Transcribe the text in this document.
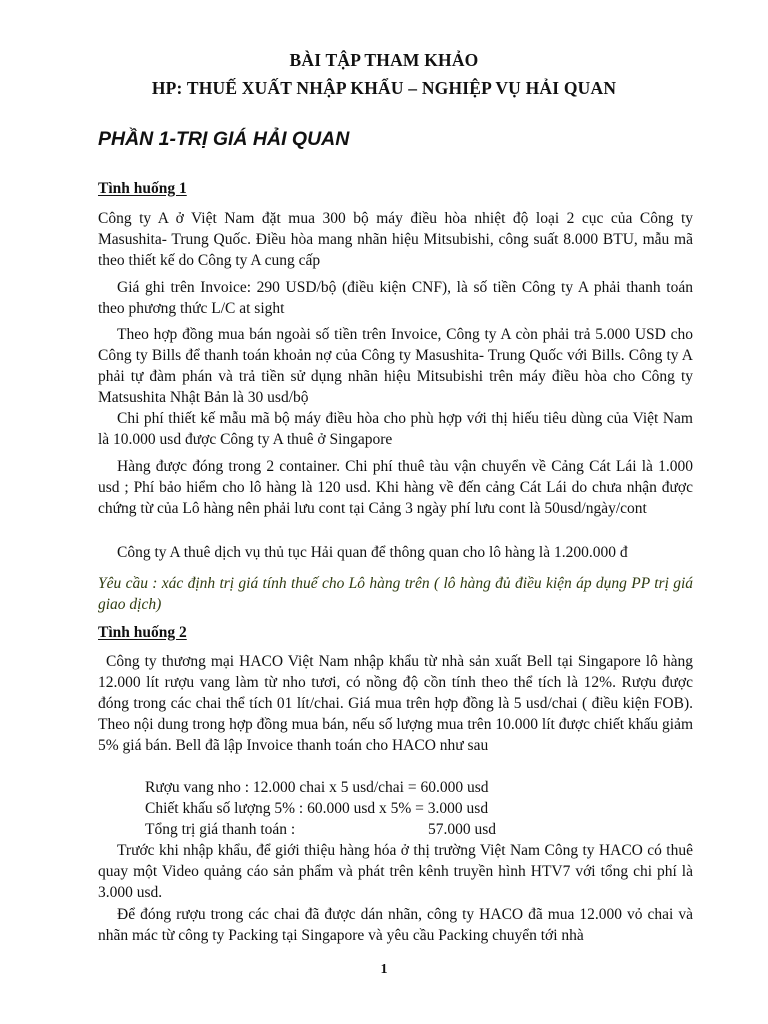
BÀI TẬP THAM KHẢO
HP: THUẾ XUẤT NHẬP KHẨU – NGHIỆP VỤ HẢI QUAN
PHẦN 1-TRỊ GIÁ HẢI QUAN
Tình huống 1

Công ty A ở Việt Nam đặt mua 300 bộ máy điều hòa nhiệt độ loại 2 cục của Công ty Masushita- Trung Quốc. Điều hòa mang nhãn hiệu Mitsubishi, công suất 8.000 BTU, mẫu mã theo thiết kế do Công ty A cung cấp

Giá ghi trên Invoice: 290 USD/bộ (điều kiện CNF), là số tiền Công ty A phải thanh toán theo phương thức L/C at sight

Theo hợp đồng mua bán ngoài số tiền trên Invoice, Công ty A còn phải trả 5.000 USD cho Công ty Bills để thanh toán khoản nợ của Công ty Masushita- Trung Quốc với Bills. Công ty A phải tự đàm phán và trả tiền sử dụng nhãn hiệu Mitsubishi trên máy điều hòa cho Công ty Matsushita Nhật Bản là 30 usd/bộ

Chi phí thiết kế mẫu mã bộ máy điều hòa cho phù hợp với thị hiếu tiêu dùng của Việt Nam là 10.000 usd được Công ty A thuê ở Singapore

Hàng được đóng trong 2 container. Chi phí thuê tàu vận chuyển về Cảng Cát Lái là 1.000 usd ; Phí bảo hiểm cho lô hàng là 120 usd. Khi hàng về đến cảng Cát Lái do chưa nhận được chứng từ của Lô hàng nên phải lưu cont tại Cảng 3 ngày phí lưu cont là 50usd/ngày/cont

Công ty A thuê dịch vụ thủ tục Hải quan để thông quan cho lô hàng là 1.200.000 đ

Yêu cầu : xác định trị giá tính thuế cho Lô hàng trên ( lô hàng đủ điều kiện áp dụng PP trị giá giao dịch)

Tình huống 2

Công ty thương mại HACO Việt Nam nhập khẩu từ nhà sản xuất Bell tại Singapore lô hàng 12.000 lít rượu vang làm từ nho tươi, có nồng độ cồn tính theo thể tích là 12%. Rượu được đóng trong các chai thể tích 01 lít/chai. Giá mua trên hợp đồng là 5 usd/chai ( điều kiện FOB). Theo nội dung trong hợp đồng mua bán, nếu số lượng mua trên 10.000 lít được chiết khấu giảm 5% giá bán. Bell đã lập Invoice thanh toán cho HACO như sau

Rượu vang nho : 12.000 chai x 5 usd/chai = 60.000 usd

Chiết khấu số lượng 5% : 60.000 usd x 5% = 3.000 usd

Tổng trị giá thanh toán :	57.000 usd

Trước khi nhập khẩu, để giới thiệu hàng hóa ở thị trường Việt Nam Công ty HACO có thuê quay một Video quảng cáo sản phẩm và phát trên kênh truyền hình HTV7 với tổng chi phí là 3.000 usd.

Để đóng rượu trong các chai đã được dán nhãn, công ty HACO đã mua 12.000 vỏ chai và nhãn mác từ công ty Packing tại Singapore và yêu cầu Packing chuyển tới nhà

1
